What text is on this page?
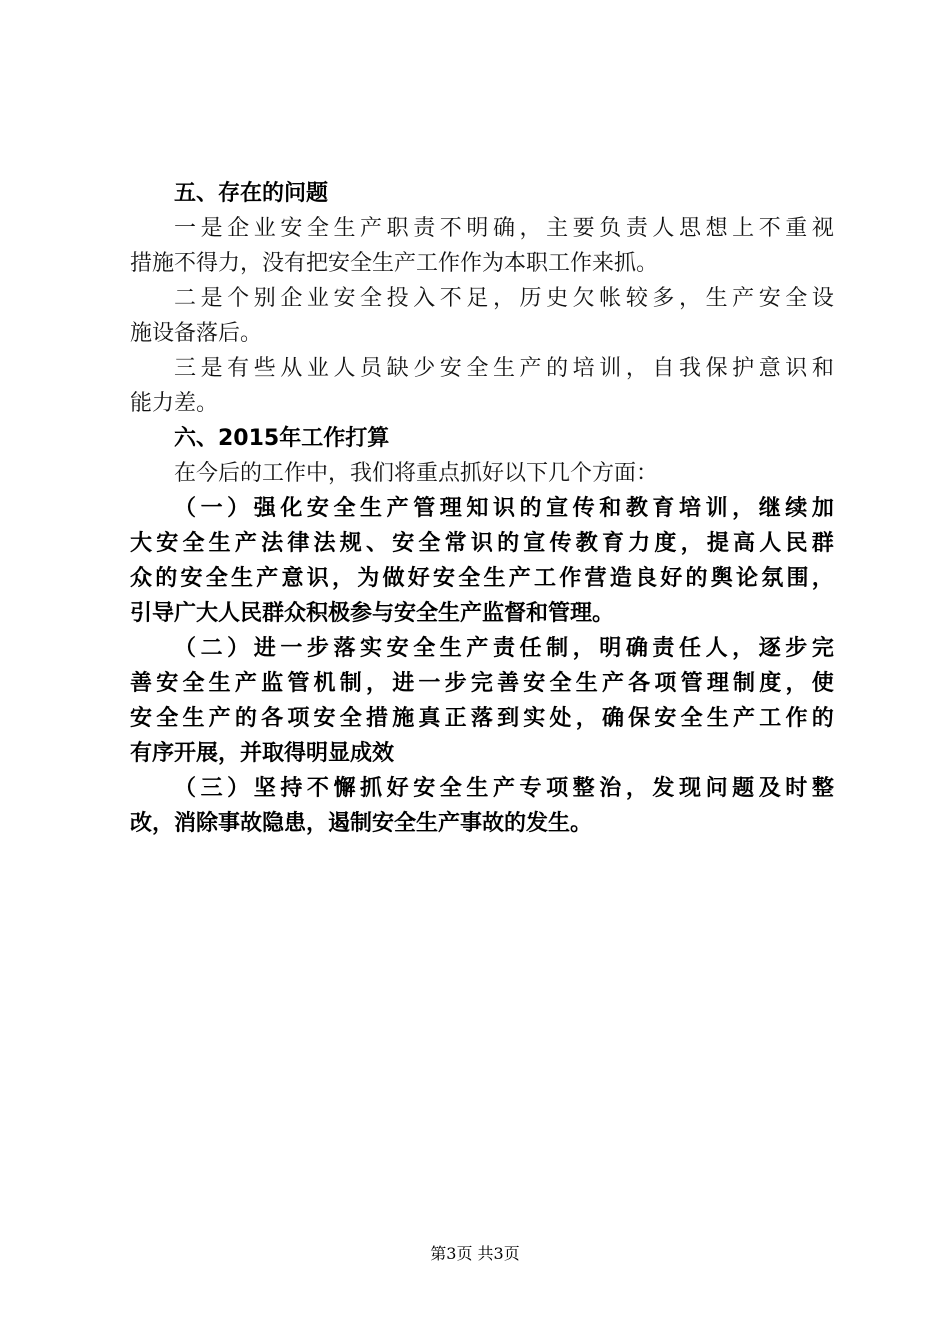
五、存在的问题
一 是 企 业 安 全 生 产 职 责 不 明 确 ， 主 要 负 责 人 思 想 上 不 重 视
措施不得力，没有把安全生产工作作为本职工作来抓。
二 是 个 别 企 业 安 全 投 入 不 足 ， 历 史 欠 帐 较 多 ， 生 产 安 全 设
施设备落后。
三 是 有 些 从 业 人 员 缺 少 安 全 生 产 的 培 训 ， 自 我 保 护 意 识 和
能力差。
六、2015年工作打算
在今后的工作中，我们将重点抓好以下几个方面：
（ 一 ） 强 化 安 全 生 产 管 理 知 识 的 宣 传 和 教 育 培 训 ， 继 续 加
大 安 全 生 产 法 律 法 规 、 安 全 常 识 的 宣 传 教 育 力 度 ， 提 高 人 民 群
众 的 安 全 生 产 意 识 ， 为 做 好 安 全 生 产 工 作 营 造 良 好 的 舆 论 氛 围 ，
引导广大人民群众积极参与安全生产监督和管理。
（ 二 ） 进 一 步 落 实 安 全 生 产 责 任 制 ， 明 确 责 任 人 ， 逐 步 完
善 安 全 生 产 监 管 机 制 ， 进 一 步 完 善 安 全 生 产 各 项 管 理 制 度 ， 使
安 全 生 产 的 各 项 安 全 措 施 真 正 落 到 实 处 ， 确 保 安 全 生 产 工 作 的
有序开展，并取得明显成效
（ 三 ） 坚 持 不 懈 抓 好 安 全 生 产 专 项 整 治 ， 发 现 问 题 及 时 整
改，消除事故隐患，遏制安全生产事故的发生。
第3页 共3页
